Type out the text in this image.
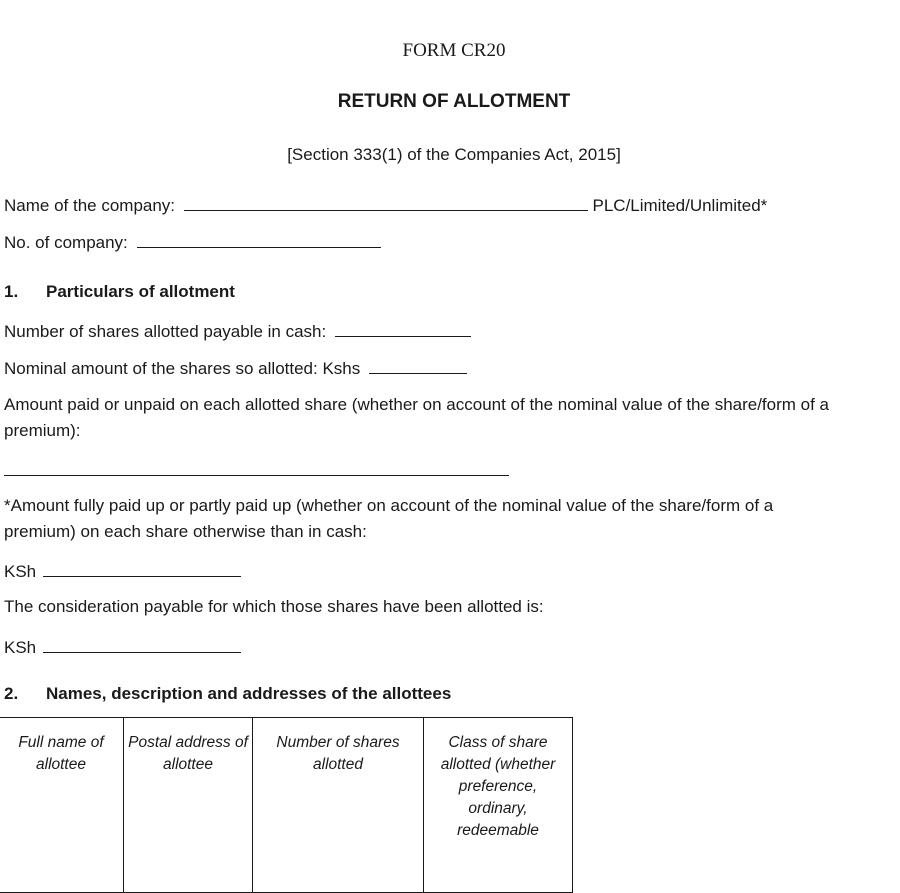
FORM CR20
RETURN OF ALLOTMENT
[Section 333(1) of the Companies Act, 2015]
Name of the company:	PLC/Limited/Unlimited*
No. of company:
1. Particulars of allotment
Number of shares allotted payable in cash:
Nominal amount of the shares so allotted: Kshs
Amount paid or unpaid on each allotted share (whether on account of the nominal value of the share/form of a
premium):
*Amount fully paid up or partly paid up (whether on account of the nominal value of the share/form of a
premium) on each share otherwise than in cash:
KSh
The consideration payable for which those shares have been allotted is:
KSh
2. Names, description and addresses of the allottees
Full name of allottee	Postal address of allottee	Number of shares allotted	Class of share allotted (whether preference, ordinary, redeemable
